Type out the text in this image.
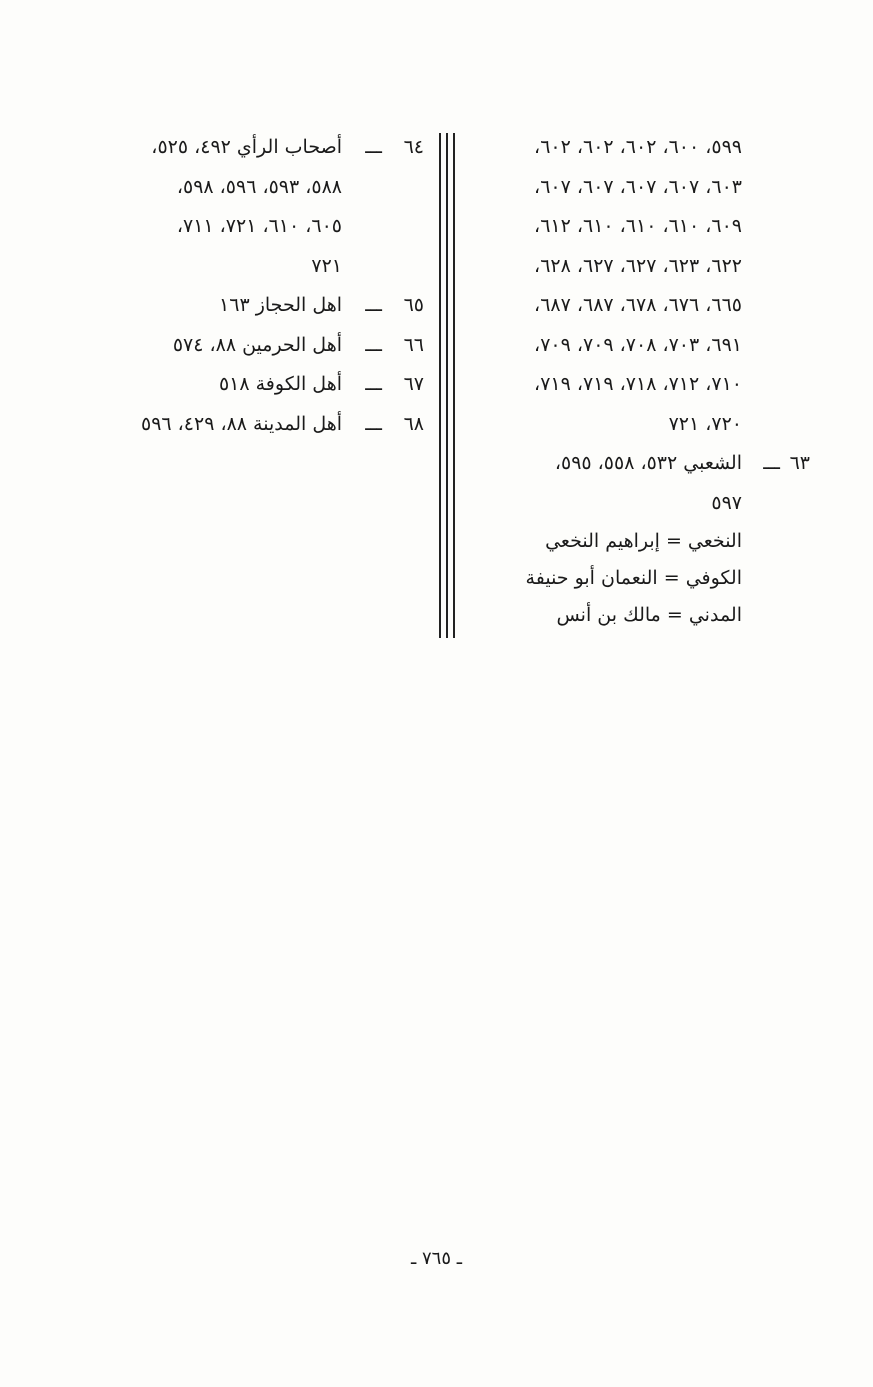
٥٩٩، ٦٠٠، ٦٠٢، ٦٠٢، ٦٠٢،
٦٠٣، ٦٠٧، ٦٠٧، ٦٠٧، ٦٠٧،
٦٠٩، ٦١٠، ٦١٠، ٦١٠، ٦١٢،
٦٢٢، ٦٢٣، ٦٢٧، ٦٢٧، ٦٢٨،
٦٦٥، ٦٧٦، ٦٧٨، ٦٨٧، ٦٨٧،
٦٩١، ٧٠٣، ٧٠٨، ٧٠٩، ٧٠٩،
٧١٠، ٧١٢، ٧١٨، ٧١٩، ٧١٩،
٧٢٠، ٧٢١
٦٣
ـــ
الشعبي ٥٣٢، ٥٥٨، ٥٩٥،
٥٩٧
النخعي = إبراهيم النخعي
الكوفي = النعمان أبو حنيفة
المدني = مالك بن أنس
٦٤
ـــ
أصحاب الرأي ٤٩٢، ٥٢٥،
٥٨٨، ٥٩٣، ٥٩٦، ٥٩٨،
٦٠٥، ٦١٠، ٧٢١، ٧١١،
٧٢١
٦٥
ـــ
اهل الحجاز ١٦٣
٦٦
ـــ
أهل الحرمين ٨٨، ٥٧٤
٦٧
ـــ
أهل الكوفة ٥١٨
٦٨
ـــ
أهل المدينة ٨٨، ٤٢٩، ٥٩٦
ـ ٧٦٥ ـ
